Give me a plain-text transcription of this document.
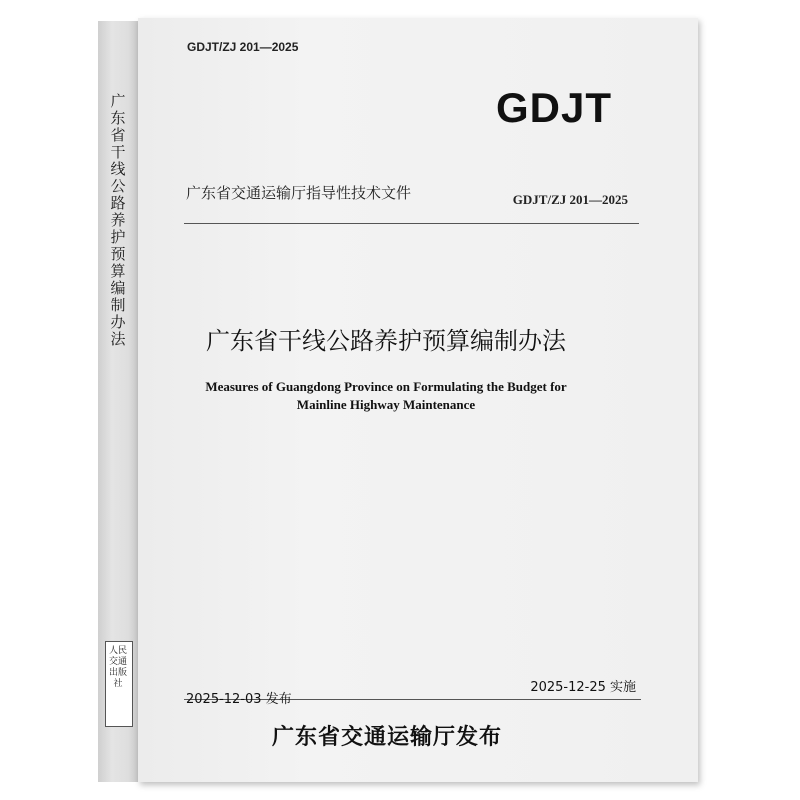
广东省干线公路养护预算编制办法
人民交通出版社
GDJT/ZJ 201—2025
GDJT
广东省交通运输厅指导性技术文件	GDJT/ZJ 201—2025
广东省干线公路养护预算编制办法
Measures of Guangdong Province on Formulating the Budget for
Mainline Highway Maintenance
2025-12-25 实施
2025-12-03 发布
广东省交通运输厅发布
